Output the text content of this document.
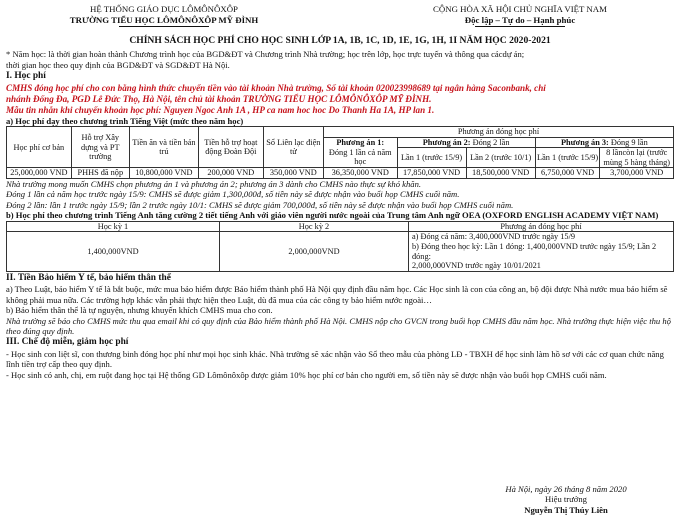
HỆ THỐNG GIÁO DỤC LÔMÔNÔXÔP
TRƯỜNG TIỂU HỌC LÔMÔNÔXÔP MỸ ĐÌNH
CỘNG HÒA XÃ HỘI CHỦ NGHĨA VIỆT NAM
Độc lập – Tự do – Hạnh phúc
CHÍNH SÁCH HỌC PHÍ CHO HỌC SINH LỚP 1A, 1B, 1C, 1D, 1E, 1G, 1H, 1I NĂM HỌC 2020-2021

* Năm học: là thời gian hoàn thành Chương trình học của BGD&ĐT và Chương trình Nhà trường; học trên lớp, học trực tuyến và thông qua cácdự án;

thời gian học theo quy định của BGD&ĐT và SGD&ĐT Hà Nội.

I. Học phí

CMHS đóng học phí cho con bằng hình thức chuyển tiền vào tài khoản Nhà trường, Số tài khoản 020023998689 tại ngân hàng Saconbank, chi

nhánh Đống Đa, PGD Lê Đức Thọ, Hà Nội, tên chủ tài khoản TRƯỜNG TIỂU HỌC LÔMÔNÔXÔP MỸ ĐÌNH.

Mẫu tin nhắn khi chuyển khoản học phí: Nguyen Ngoc Anh 1A , HP ca nam hoc hoc Do Thanh Ha 1A, HP lan 1.

a) Học phí dạy theo chương trình Tiếng Việt (mức theo năm học)

Học phí cơ bản	Hỗ trợ Xây dựng và PT trường	Tiền ăn và tiền bán trú	Tiền hỗ trợ hoạt động Đoàn Đội	Sổ Liên lạc điện tử	Phương án đóng học phí				
					Phương án 1:
Đóng 1 lần cả năm học	Phương án 2: Đóng 2 lần		Phương án 3: Đóng 9 lần	
						Lần 1 (trước 15/9)	Lần 2 (trước 10/1)	Lần 1 (trước 15/9)	8 lầncòn lại (trước mùng 5 hàng tháng)
25,000,000 VND	PHHS đã nộp	10,800,000 VND	200,000 VND	350,000 VND	36,350,000 VND	17,850,000 VND	18,500,000 VND	6,750,000 VND	3,700,000 VND

Nhà trường mong muốn CMHS chọn phương án 1 và phương án 2; phương án 3 dành cho CMHS nào thực sự khó khăn.

Đóng 1 lần cả năm học trước ngày 15/9: CMHS sẽ được giảm 1,300,000đ, số tiền này sẽ được nhận vào buổi họp CMHS cuối năm.

Đóng 2 lần: lần 1 trước ngày 15/9; lần 2 trước ngày 10/1: CMHS sẽ được giảm 700,000đ, số tiền này sẽ được nhận vào buổi họp CMHS cuối năm.

b) Học phí theo chương trình Tiếng Anh tăng cường 2 tiết tiếng Anh với giáo viên người nước ngoài của Trung tâm Anh ngữ OEA (OXFORD ENGLISH ACADEMY VIỆT NAM)

Học kỳ 1	Học kỳ 2	Phương án đóng học phí
1,400,000VND	2,000,000VND	a) Đóng cả năm: 3,400,000VND trước ngày 15/9
b) Đóng theo học kỳ: Lần 1 đóng: 1,400,000VND trước ngày 15/9; Lần 2 đóng:
2,000,000VND trước ngày 10/01/2021
II. Tiền Bảo hiểm Y tế, bảo hiểm thân thể

a) Theo Luật, bảo hiểm Y tế là bắt buộc, mức mua bảo hiểm được Bảo hiểm thành phố Hà Nội quy định đầu năm học. Các Học sinh là con của công an, bộ đội được Nhà nước mua bảo hiểm sẽ không phải mua nữa. Các trường hợp khác vẫn phải thực hiện theo Luật, dù đã mua của các công ty bảo hiểm nước ngoài…

b) Bảo hiểm thân thể là tự nguyện, nhưng khuyến khích CMHS mua cho con.

Nhà trường sẽ báo cho CMHS mức thu qua email khi có quy định của Bảo hiểm thành phố Hà Nội. CMHS nộp cho GVCN trong buổi họp CMHS đầu năm học. Nhà trường thực hiện việc thu hộ theo đúng quy định.

III. Chế độ miễn, giảm học phí

- Học sinh con liệt sĩ, con thương binh đóng học phí như mọi học sinh khác. Nhà trường sẽ xác nhận vào Sổ theo mẫu của phòng LĐ - TBXH để học sinh làm hồ sơ với các cơ quan chức năng lĩnh tiền trợ cấp theo quy định.

- Học sinh có anh, chị, em ruột đang học tại Hệ thống GD Lômônôxôp được giảm 10% học phí cơ bản cho người em, số tiền này sẽ được nhận vào buổi họp CMHS cuối năm.

Hà Nội, ngày 26 tháng 8 năm 2020
Hiệu trưởng
Nguyễn Thị Thúy Liên
